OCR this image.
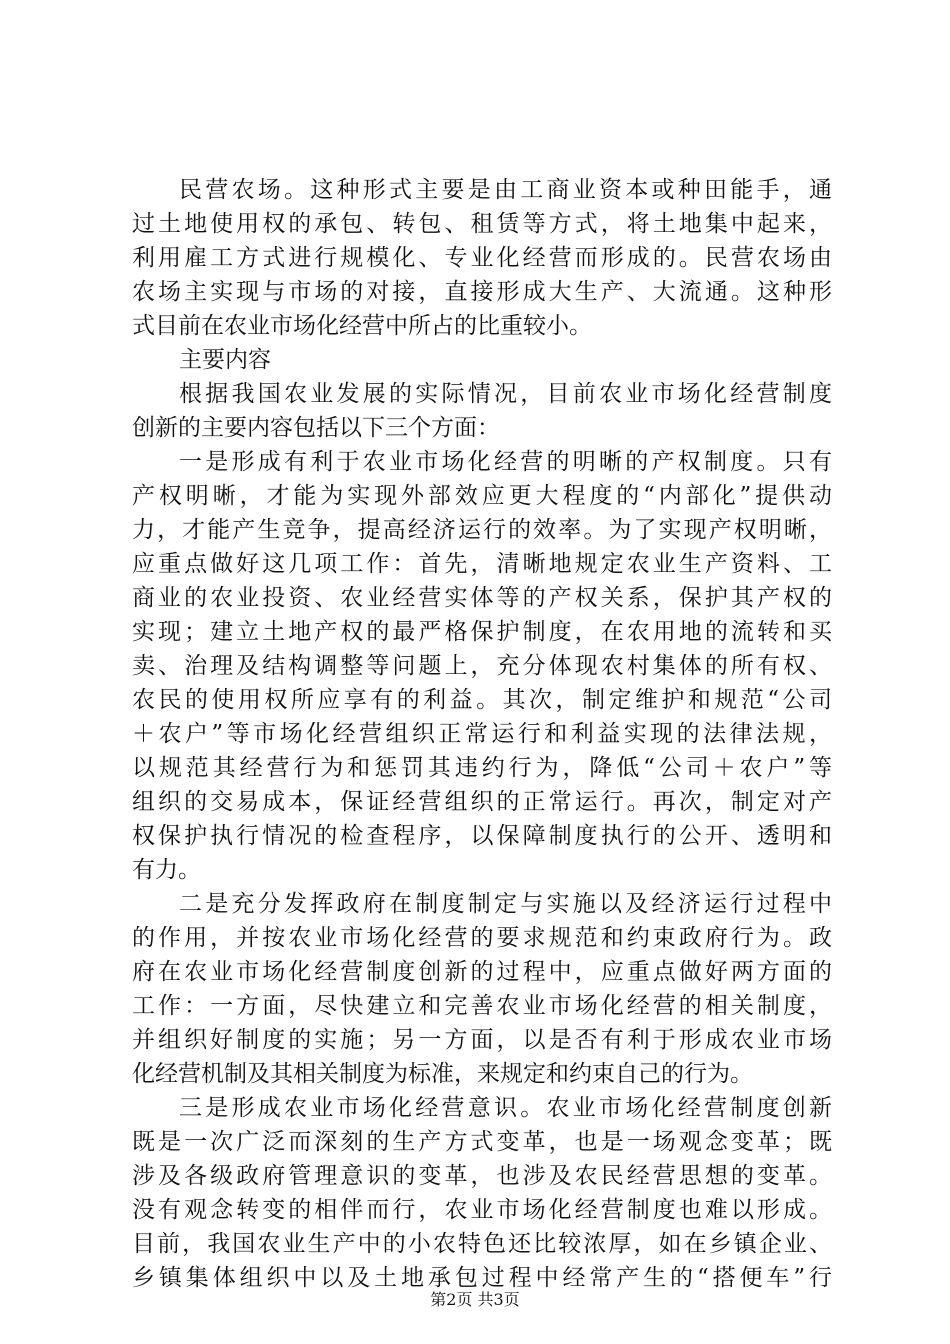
民营农场。这种形式主要是由工商业资本或种田能手，通
过土地使用权的承包、转包、租赁等方式，将土地集中起来，
利用雇工方式进行规模化、专业化经营而形成的。民营农场由
农场主实现与市场的对接，直接形成大生产、大流通。这种形
式目前在农业市场化经营中所占的比重较小。
主要内容
根据我国农业发展的实际情况，目前农业市场化经营制度
创新的主要内容包括以下三个方面：
一是形成有利于农业市场化经营的明晰的产权制度。只有
产权明晰，才能为实现外部效应更大程度的“内部化”提供动
力，才能产生竞争，提高经济运行的效率。为了实现产权明晰，
应重点做好这几项工作：首先，清晰地规定农业生产资料、工
商业的农业投资、农业经营实体等的产权关系，保护其产权的
实现；建立土地产权的最严格保护制度，在农用地的流转和买
卖、治理及结构调整等问题上，充分体现农村集体的所有权、
农民的使用权所应享有的利益。其次，制定维护和规范“公司
＋农户”等市场化经营组织正常运行和利益实现的法律法规，
以规范其经营行为和惩罚其违约行为，降低“公司＋农户”等
组织的交易成本，保证经营组织的正常运行。再次，制定对产
权保护执行情况的检查程序，以保障制度执行的公开、透明和
有力。
二是充分发挥政府在制度制定与实施以及经济运行过程中
的作用，并按农业市场化经营的要求规范和约束政府行为。政
府在农业市场化经营制度创新的过程中，应重点做好两方面的
工作：一方面，尽快建立和完善农业市场化经营的相关制度，
并组织好制度的实施；另一方面，以是否有利于形成农业市场
化经营机制及其相关制度为标准，来规定和约束自己的行为。
三是形成农业市场化经营意识。农业市场化经营制度创新
既是一次广泛而深刻的生产方式变革，也是一场观念变革；既
涉及各级政府管理意识的变革，也涉及农民经营思想的变革。
没有观念转变的相伴而行，农业市场化经营制度也难以形成。
目前，我国农业生产中的小农特色还比较浓厚，如在乡镇企业、
乡镇集体组织中以及土地承包过程中经常产生的“搭便车”行
第2页 共3页
